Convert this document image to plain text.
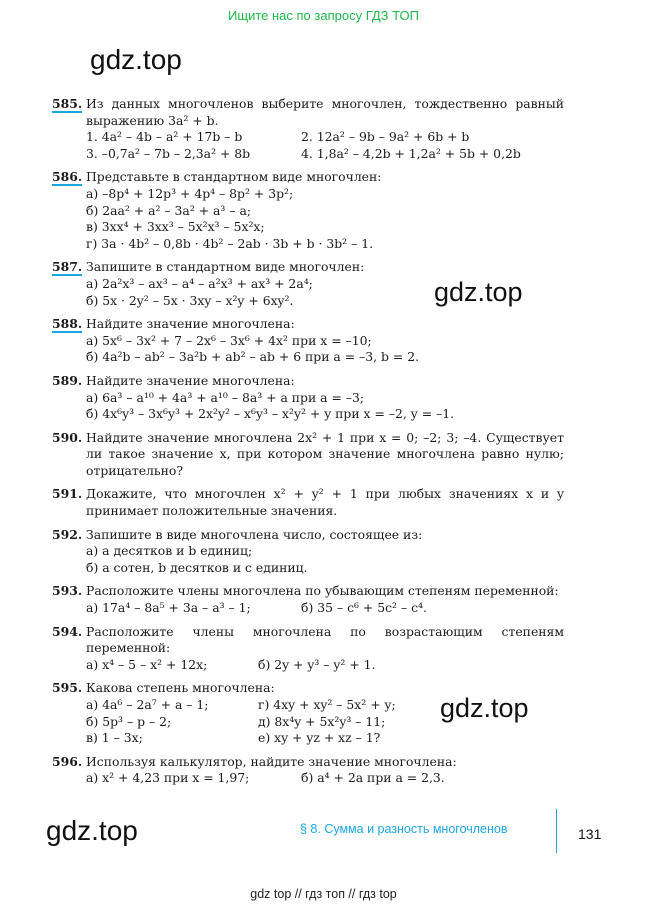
Ищите нас по запросу ГДЗ ТОП
gdz.top
gdz.top
gdz.top
gdz.top
585. Из данных многочленов выберите многочлен, тождественно равный выражению 3a² + b.
1. 4a² – 4b – a² + 17b – b	2. 12a² – 9b – 9a² + 6b + b
3. –0,7a² – 7b – 2,3a² + 8b	4. 1,8a² – 4,2b + 1,2a² + 5b + 0,2b
586. Представьте в стандартном виде многочлен:
а) –8p⁴ + 12p³ + 4p⁴ – 8p² + 3p²;
б) 2aa² + a² – 3a² + a³ – a;
в) 3xx⁴ + 3xx³ – 5x²x³ – 5x²x;
г) 3a · 4b² – 0,8b · 4b² – 2ab · 3b + b · 3b² – 1.
587. Запишите в стандартном виде многочлен:
а) 2a²x³ – ax³ – a⁴ – a²x³ + ax³ + 2a⁴;
б) 5x · 2y² – 5x · 3xy – x²y + 6xy².
588. Найдите значение многочлена:
а) 5x⁶ – 3x² + 7 – 2x⁶ – 3x⁶ + 4x² при x = –10;
б) 4a²b – ab² – 3a²b + ab² – ab + 6 при a = –3, b = 2.
589. Найдите значение многочлена:
а) 6a³ – a¹⁰ + 4a³ + a¹⁰ – 8a³ + a при a = –3;
б) 4x⁶y³ – 3x⁶y³ + 2x²y² – x⁶y³ – x²y² + y при x = –2, y = –1.
590. Найдите значение многочлена 2x² + 1 при x = 0; –2; 3; –4. Существует ли такое значение x, при котором значение многочлена равно нулю; отрицательно?
591. Докажите, что многочлен x² + y² + 1 при любых значениях x и y принимает положительные значения.
592. Запишите в виде многочлена число, состоящее из:
а) a десятков и b единиц;
б) a сотен, b десятков и c единиц.
593. Расположите члены многочлена по убывающим степеням переменной:
а) 17a⁴ – 8a⁵ + 3a – a³ – 1;	б) 35 – c⁶ + 5c² – c⁴.
594. Расположите члены многочлена по возрастающим степеням переменной:
а) x⁴ – 5 – x² + 12x;	б) 2y + y³ – y² + 1.
595. Какова степень многочлена:
а) 4a⁶ – 2a⁷ + a – 1;	г) 4xy + xy² – 5x² + y;
б) 5p³ – p – 2;	д) 8x⁴y + 5x²y³ – 11;
в) 1 – 3x;	е) xy + yz + xz – 1?
596. Используя калькулятор, найдите значение многочлена:
а) x² + 4,23 при x = 1,97;	б) a⁴ + 2a при a = 2,3.
§ 8. Сумма и разность многочленов	131
gdz top // гдз топ // гдз top
